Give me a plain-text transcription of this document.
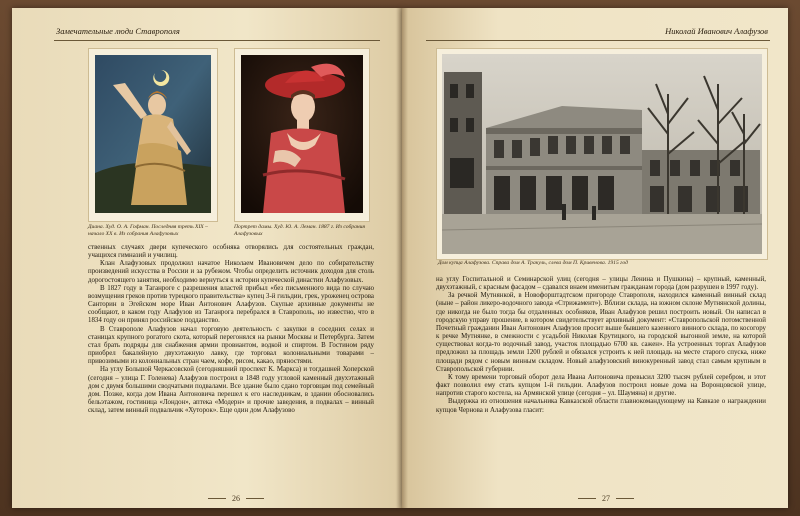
Замечательные люди Ставрополя
Диана. Худ. О. А. Гофман. Последняя треть XIX – начало XX в. Из собрания Алафузовых
Портрет дамы. Худ. Ю. А. Леман. 1887 г. Из собрания Алафузовых

ственных случаях двери купеческого особняка отворялись для состоятельных граждан, учащихся гимназий и училищ.

Клан Алафузовых продолжил начатое Николаем Ивановичем дело по собирательству произведений искусства в России и за рубежом. Чтобы определить источник доходов для столь дорогостоящего занятия, необходимо вернуться к истории купеческой династии Алафузовых.

В 1827 году в Таганроге с разрешения властей прибыл «без письменного вида по случаю возмущения греков против турецкого правительства» купец 3-й гильдии, грек, уроженец острова Санторин в Эгейском море Иван Антонович Алафузов. Скупые архивные документы не сообщают, в каком году Алафузов из Таганрога перебрался в Ставрополь, но известно, что в 1834 году он принял российское подданство.

В Ставрополе Алафузов начал торговую деятельность с закупки в соседних селах и станицах крупного рогатого скота, который перегонялся на рынки Москвы и Петербурга. Затем стал брать подряды для снабжения армии провиантом, водкой и спиртом. В Гостином ряду приобрел бакалейную двухэтажную лавку, где торговал колониальными товарами – привозимыми из колониальных стран чаем, кофе, рисом, какао, пряностями.

На углу Большой Черкасовской (сегодняшний проспект К. Маркса) и тогдашней Хоперской (сегодня – улица Г. Голенева) Алафузов построил в 1848 году угловой каменный двухэтажный дом с двумя большими сводчатыми подвалами. Все здание было сдано торговцам под семейный дом. Позже, когда дом Ивана Антоновича перешел к его наследникам, в здании обосновались бельэтажом, гостиница «Лондон», аптека «Модерн» и прочие заведения, в подвалах – винный склад, затем винный подвальчик «Хуторок». Еще один дом Алафузово

26
Николай Иванович Алафузов
Дом купца Алафузова. Справа дом А. Тракуль, слева дом П. Кривенова. 1915 год

на углу Госпитальной и Семинарской улиц (сегодня – улицы Ленина и Пушкина) – крупный, каменный, двухэтажный, с красным фасадом – сдавался внаем именитым гражданам города (дом разрушен в 1997 году).

За речкой Мутнянкой, в Новофорштадтском пригороде Ставрополя, находился каменный винный склад (ныне – район ликеро-водочного завода «Стрижамент»). Вблизи склада, на южном склоне Мутнянской долины, где никогда не было тогда бы отдаленных особняков, Иван Алафузов решил построить новый. Он написал в городскую управу прошение, в котором свидетельствует архивный документ: «Ставропольской потомственной Почетный гражданин Иван Антонович Алафузов просит выше бывшего казенного винного склада, по косогору к речке Мутнянке, в смежности с усадьбой Николая Крутицкого, на городской выгонной земле, на которой существовал когда-то водочный завод, участок площадью 6700 кв. сажен». На устроенных торгах Алафузов предложил за площадь земли 1200 рублей и обязался устроить к ней площадь на месте старого спуска, ниже площади рядом с новым винным складом. Новый алафузовский винокуренный завод стал самым крупным в Ставропольской губернии.

К тому времени торговый оборот дела Ивана Антоновича превысил 3200 тысяч рублей серебром, и этот факт позволил ему стать купцом 1-й гильдии. Алафузов построил новые дома на Воронцовской улице, напротив старого костела, на Армянской улице (сегодня – ул. Шаумяна) и другие.

Выдержка из отношения начальника Кавказской области главнокомандующему на Кавказе о награждении купцов Чернова и Алафузова гласит:

27
